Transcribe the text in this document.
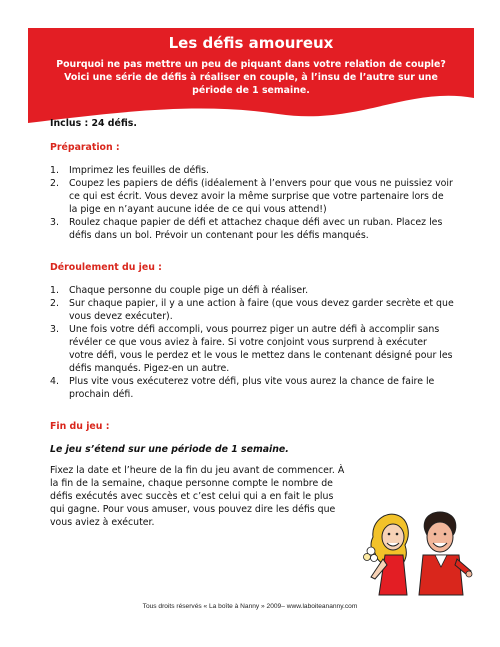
Les défis amoureux
Pourquoi ne pas mettre un peu de piquant dans votre relation de couple? Voici une série de défis à réaliser en couple, à l’insu de l’autre sur une période de 1 semaine.

Inclus : 24 défis.

Préparation :

1. Imprimez les feuilles de défis.
2. Coupez les papiers de défis (idéalement à l’envers pour que vous ne puissiez voir ce qui est écrit. Vous devez avoir la même surprise que votre partenaire lors de la pige en n’ayant aucune idée de ce qui vous attend!)
3. Roulez chaque papier de défi et attachez chaque défi avec un ruban. Placez les défis dans un bol. Prévoir un contenant pour les défis manqués.

Déroulement du jeu :

1. Chaque personne du couple pige un défi à réaliser.
2. Sur chaque papier, il y a une action à faire (que vous devez garder secrète et que vous devez exécuter).
3. Une fois votre défi accompli, vous pourrez piger un autre défi à accomplir sans révéler ce que vous aviez à faire. Si votre conjoint vous surprend à exécuter votre défi, vous le perdez et le vous le mettez dans le contenant désigné pour les défis manqués. Pigez-en un autre.
4. Plus vite vous exécuterez votre défi, plus vite vous aurez la chance de faire le prochain défi.

Fin du jeu :

Le jeu s’étend sur une période de 1 semaine.

Fixez la date et l’heure de la fin du jeu avant de commencer. À la fin de la semaine, chaque personne compte le nombre de défis exécutés avec succès et c’est celui qui a en fait le plus qui gagne. Pour vous amuser, vous pouvez dire les défis que vous aviez à exécuter.

Tous droits réservés « La boîte à Nanny » 2009– www.laboiteananny.com
